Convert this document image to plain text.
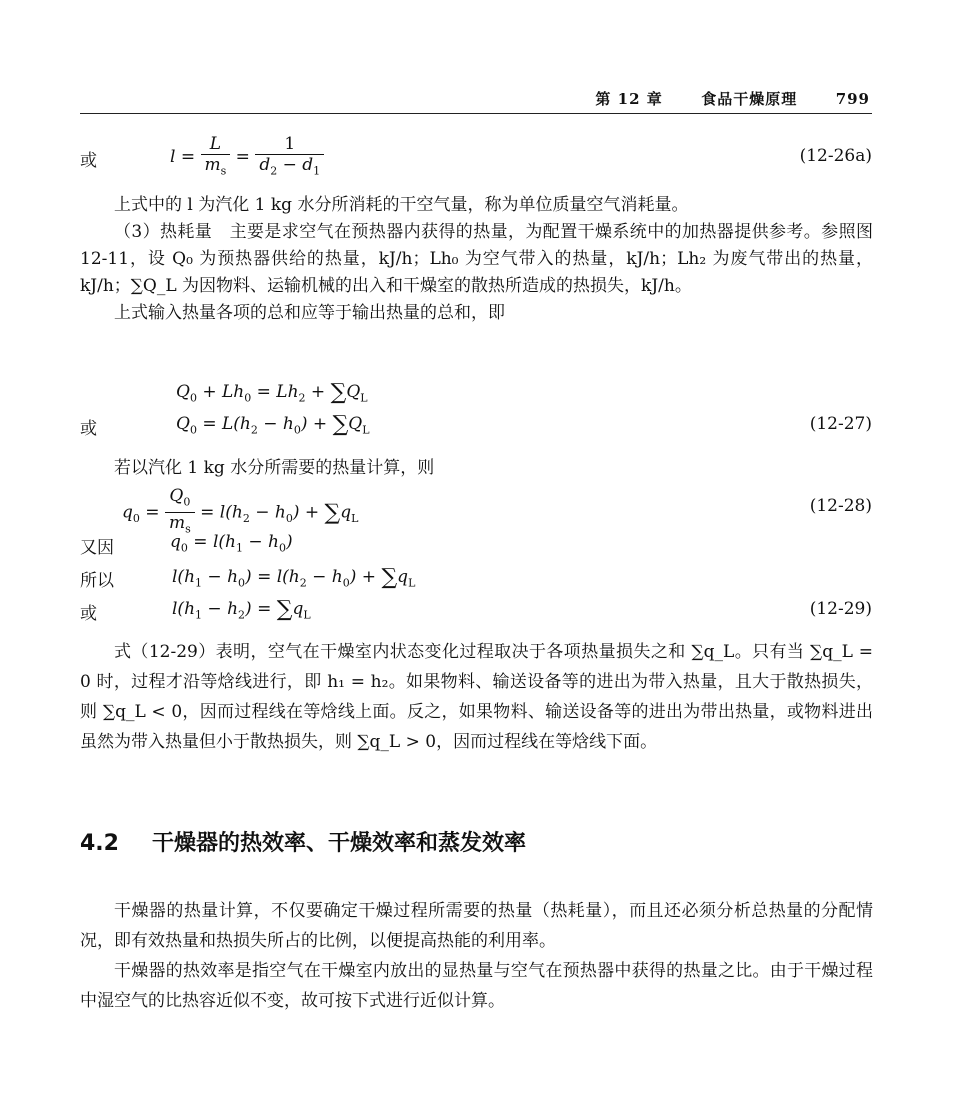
第 12 章	食品干燥原理	799
或	$l = \frac{L}{m_s} = \frac{1}{d_2 - d_1}$	(12-26a)

上式中的 l 为汽化 1 kg 水分所消耗的干空气量，称为单位质量空气消耗量。

（3）热耗量　主要是求空气在预热器内获得的热量，为配置干燥系统中的加热器提供参考。参照图 12-11，设 Q₀ 为预热器供给的热量，kJ/h；Lh₀ 为空气带入的热量，kJ/h；Lh₂ 为废气带出的热量，kJ/h；∑Q_L 为因物料、运输机械的出入和干燥室的散热所造成的热损失，kJ/h。

上式输入热量各项的总和应等于输出热量的总和，即

$Q_0 + Lh_0 = Lh_2 + \sum Q_L$
或	$Q_0 = L(h_2 - h_0) + \sum Q_L$	(12-27)

若以汽化 1 kg 水分所需要的热量计算，则

$q_0 = \frac{Q_0}{m_s} = l(h_2 - h_0) + \sum q_L$
(12-28)
又因	$q_0 = l(h_1 - h_0)$
所以	$l(h_1 - h_0) = l(h_2 - h_0) + \sum q_L$
或	$l(h_1 - h_2) = \sum q_L$	(12-29)

式（12-29）表明，空气在干燥室内状态变化过程取决于各项热量损失之和 ∑q_L。只有当 ∑q_L = 0 时，过程才沿等焓线进行，即 h₁ = h₂。如果物料、输送设备等的进出为带入热量，且大于散热损失，则 ∑q_L < 0，因而过程线在等焓线上面。反之，如果物料、输送设备等的进出为带出热量，或物料进出虽然为带入热量但小于散热损失，则 ∑q_L > 0，因而过程线在等焓线下面。

4.2 干燥器的热效率、干燥效率和蒸发效率

干燥器的热量计算，不仅要确定干燥过程所需要的热量（热耗量），而且还必须分析总热量的分配情况，即有效热量和热损失所占的比例，以便提高热能的利用率。

干燥器的热效率是指空气在干燥室内放出的显热量与空气在预热器中获得的热量之比。由于干燥过程中湿空气的比热容近似不变，故可按下式进行近似计算。
